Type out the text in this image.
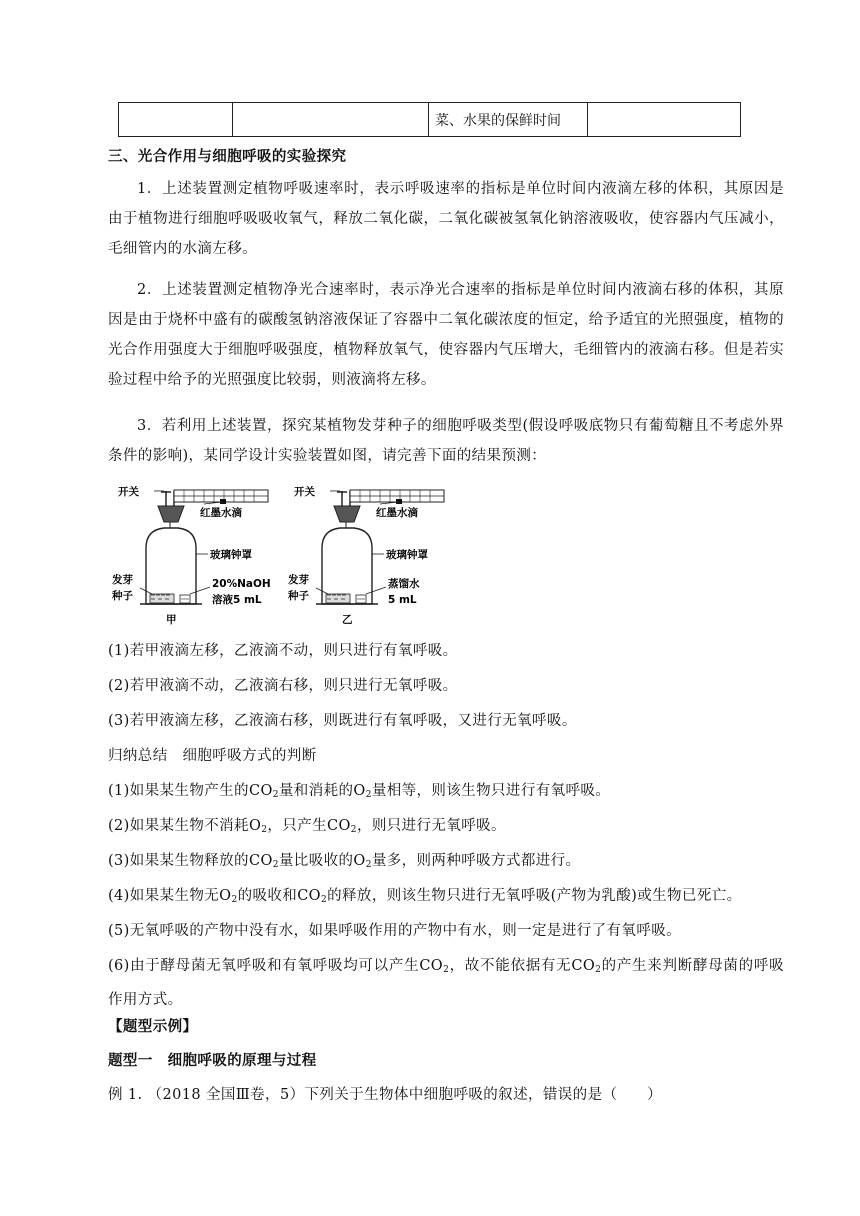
		菜、水果的保鲜时间	
三、光合作用与细胞呼吸的实验探究

1．上述装置测定植物呼吸速率时，表示呼吸速率的指标是单位时间内液滴左移的体积，其原因是由于植物进行细胞呼吸吸收氧气，释放二氧化碳，二氧化碳被氢氧化钠溶液吸收，使容器内气压减小，毛细管内的水滴左移。

2．上述装置测定植物净光合速率时，表示净光合速率的指标是单位时间内液滴右移的体积，其原因是由于烧杯中盛有的碳酸氢钠溶液保证了容器中二氧化碳浓度的恒定，给予适宜的光照强度，植物的光合作用强度大于细胞呼吸强度，植物释放氧气，使容器内气压增大，毛细管内的液滴右移。但是若实验过程中给予的光照强度比较弱，则液滴将左移。

3．若利用上述装置，探究某植物发芽种子的细胞呼吸类型(假设呼吸底物只有葡萄糖且不考虑外界条件的影响)，某同学设计实验装置如图，请完善下面的结果预测：

开关
红墨水滴
玻璃钟罩
发芽
种子
20%NaOH
溶液5 mL
甲
开关
红墨水滴
玻璃钟罩
发芽
种子
蒸馏水
5 mL
乙
(1)若甲液滴左移，乙液滴不动，则只进行有氧呼吸。
(2)若甲液滴不动，乙液滴右移，则只进行无氧呼吸。
(3)若甲液滴左移，乙液滴右移，则既进行有氧呼吸，又进行无氧呼吸。
归纳总结　细胞呼吸方式的判断
(1)如果某生物产生的$CO_2$量和消耗的$O_2$量相等，则该生物只进行有氧呼吸。
(2)如果某生物不消耗$O_2$，只产生$CO_2$，则只进行无氧呼吸。
(3)如果某生物释放的$CO_2$量比吸收的$O_2$量多，则两种呼吸方式都进行。
(4)如果某生物无$O_2$的吸收和$CO_2$的释放，则该生物只进行无氧呼吸(产物为乳酸)或生物已死亡。
(5)无氧呼吸的产物中没有水，如果呼吸作用的产物中有水，则一定是进行了有氧呼吸。

(6)由于酵母菌无氧呼吸和有氧呼吸均可以产生$CO_2$，故不能依据有无$CO_2$的产生来判断酵母菌的呼吸作用方式。

【题型示例】
题型一　细胞呼吸的原理与过程
例 1. （2018 全国Ⅲ卷，5）下列关于生物体中细胞呼吸的叙述，错误的是（　　）
